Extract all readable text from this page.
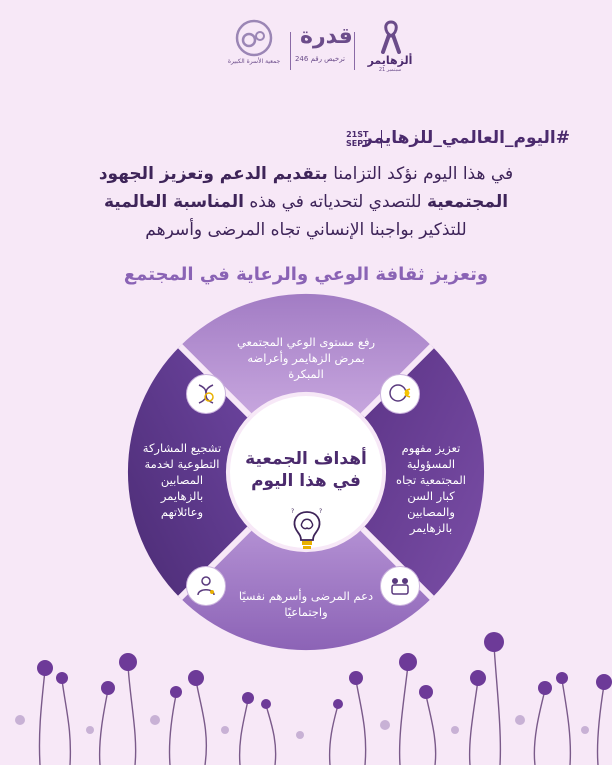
جمعية الأسرة الكبيرة
قدرة
ترخيص رقم 246	ألزهايمر
21 سبتمبر
21ST
SEPT
#اليوم_العالمي_للزهايمر
في هذا اليوم نؤكد التزامنا بتقديم الدعم وتعزيز الجهود
المجتمعية للتصدي لتحدياته في هذه المناسبة العالمية
للتذكير بواجبنا الإنساني تجاه المرضى وأسرهم
وتعزيز ثقافة الوعي والرعاية في المجتمع
رفع مستوى الوعي المجتمعي بمرض الزهايمر وأعراضه المبكرة
تعزيز مفهوم المسؤولية المجتمعية تجاه كبار السن والمصابين بالزهايمر
دعم المرضى وأسرهم نفسيًا واجتماعيًا
تشجيع المشاركة التطوعية لخدمة المصابين بالزهايمر وعائلاتهم
أهداف الجمعية
في هذا اليوم
?	?
